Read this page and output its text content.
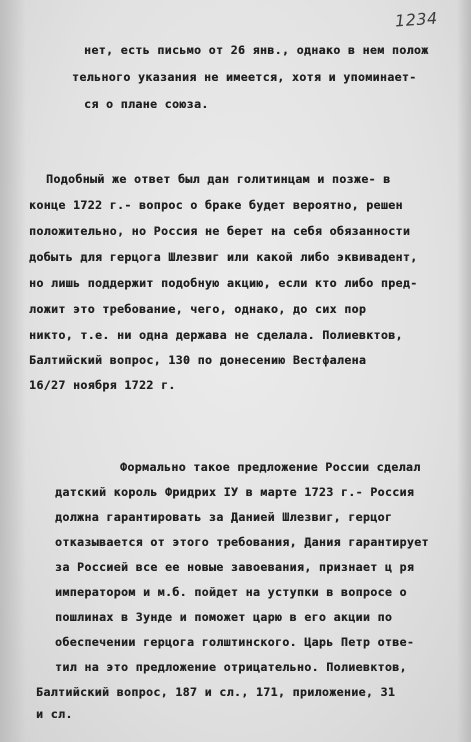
1234
нет, есть письмо от 26 янв., однако в нем полож
тельного указания не имеется, хотя и упоминает-
ся о плане союза.
Подобный же ответ был дан голитинцам и позже- в
конце 1722 г.- вопрос о браке будет вероятно, решен
положительно, но Россия не берет на себя обязанности
добыть для герцога Шлезвиг или какой либо эквивадент,
но лишь поддержит подобную акцию, если кто либо пред-
ложит это требование, чего, однако, до сих пор
никто, т.е. ни одна держава не сделала. Полиевктов,
Балтийский вопрос, 130 по донесению Вестфалена
16/27 ноября 1722 г.
Формально такое предложение России сделал
датский король Фридрих IУ в марте 1723 г.- Россия
должна гарантировать за Данией Шлезвиг, герцог
отказывается от этого требования, Дания гарантирует
за Россией все ее новые завоевания, признает ц ря
императором и м.б. пойдет на уступки в вопросе о
пошлинах в Зунде и поможет царю в его акции по
обеспечении герцога голштинского. Царь Петр отве-
тил на это предложение отрицательно. Полиевктов,
Балтийский вопрос, 187 и сл., 171, приложение, 31
и сл.
